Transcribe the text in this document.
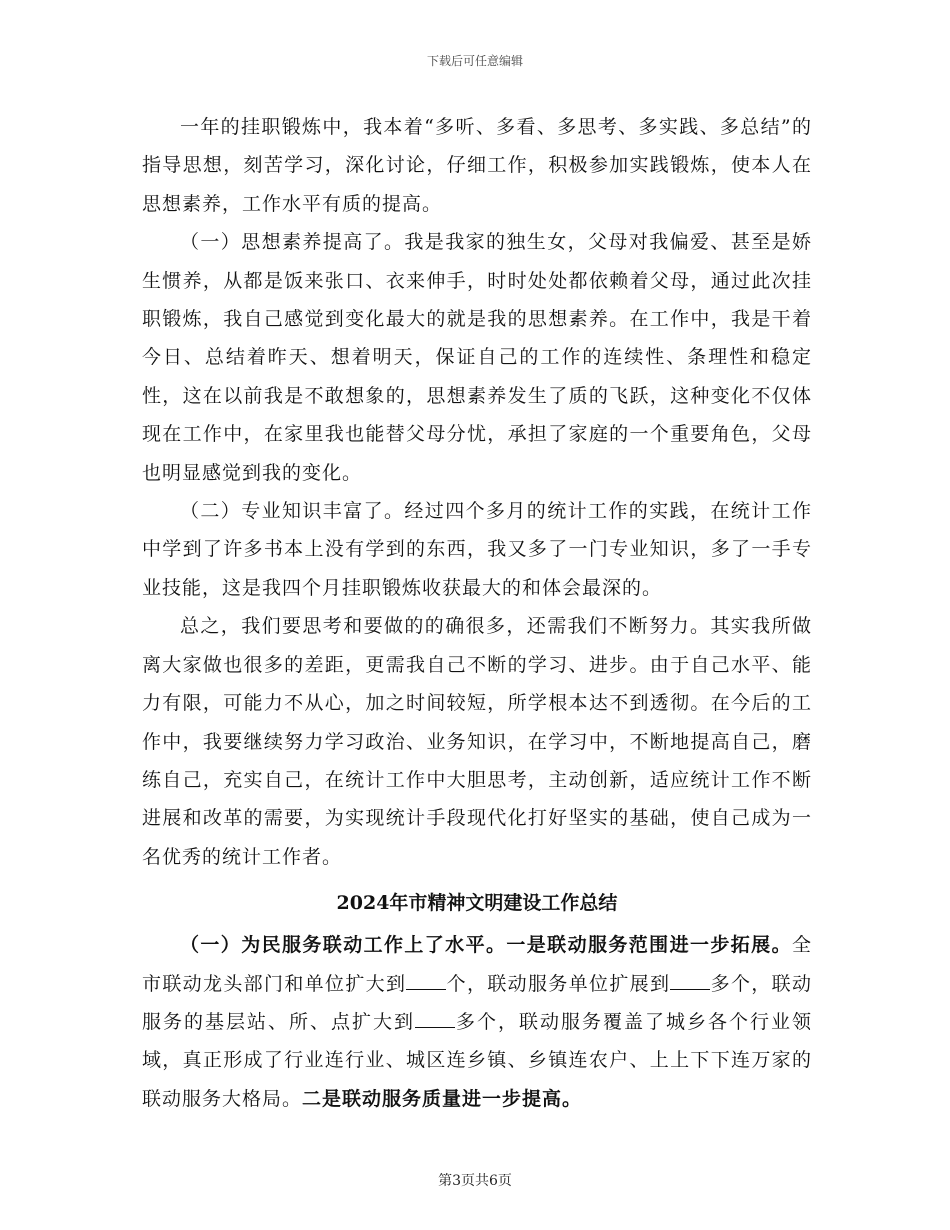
下载后可任意编辑

一年的挂职锻炼中，我本着“多听、多看、多思考、多实践、多总结”的指导思想，刻苦学习，深化讨论，仔细工作，积极参加实践锻炼，使本人在思想素养，工作水平有质的提高。

（一）思想素养提高了。我是我家的独生女，父母对我偏爱、甚至是娇生惯养，从都是饭来张口、衣来伸手，时时处处都依赖着父母，通过此次挂职锻炼，我自己感觉到变化最大的就是我的思想素养。在工作中，我是干着今日、总结着昨天、想着明天，保证自己的工作的连续性、条理性和稳定性，这在以前我是不敢想象的，思想素养发生了质的飞跃，这种变化不仅体现在工作中，在家里我也能替父母分忧，承担了家庭的一个重要角色，父母也明显感觉到我的变化。

（二）专业知识丰富了。经过四个多月的统计工作的实践，在统计工作中学到了许多书本上没有学到的东西，我又多了一门专业知识，多了一手专业技能，这是我四个月挂职锻炼收获最大的和体会最深的。

总之，我们要思考和要做的的确很多，还需我们不断努力。其实我所做离大家做也很多的差距，更需我自己不断的学习、进步。由于自己水平、能力有限，可能力不从心，加之时间较短，所学根本达不到透彻。在今后的工作中，我要继续努力学习政治、业务知识，在学习中，不断地提高自己，磨练自己，充实自己，在统计工作中大胆思考，主动创新，适应统计工作不断进展和改革的需要，为实现统计手段现代化打好坚实的基础，使自己成为一名优秀的统计工作者。

2024年市精神文明建设工作总结

（一）为民服务联动工作上了水平。一是联动服务范围进一步拓展。全市联动龙头部门和单位扩大到 个，联动服务单位扩展到 多个，联动服务的基层站、所、点扩大到 多个，联动服务覆盖了城乡各个行业领域，真正形成了行业连行业、城区连乡镇、乡镇连农户、上上下下连万家的联动服务大格局。二是联动服务质量进一步提高。

第3页共6页
